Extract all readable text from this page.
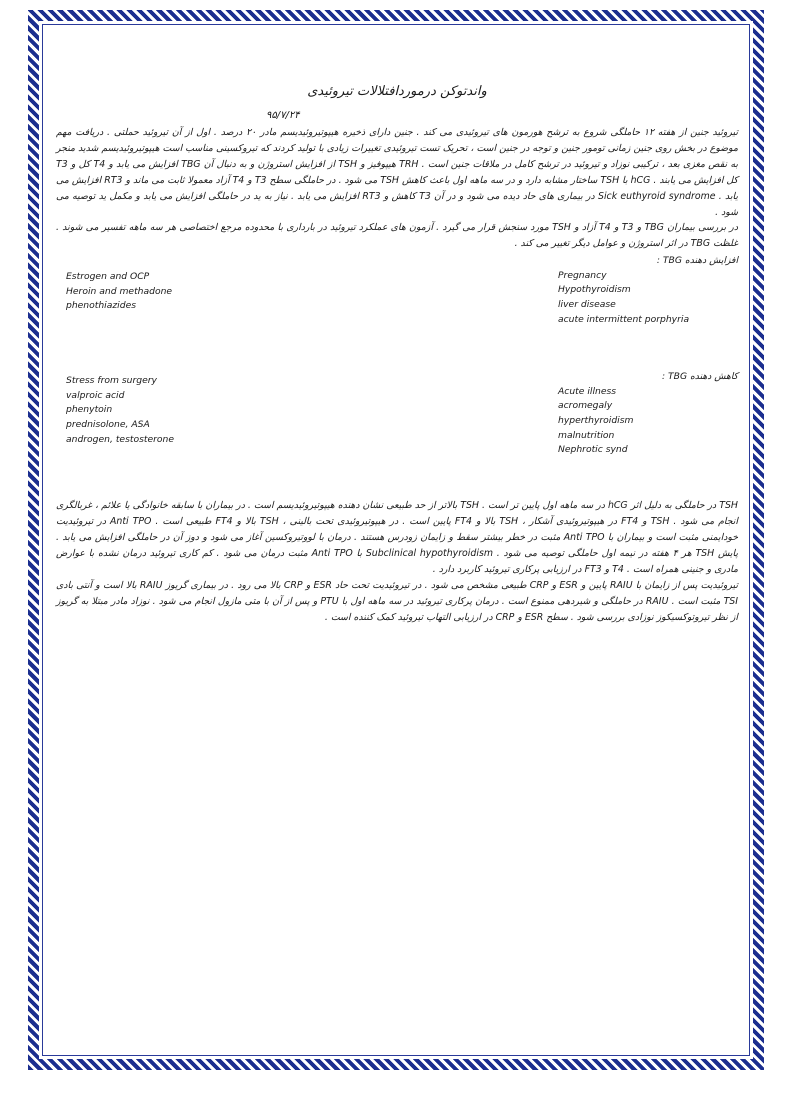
واندتوکن درموردافتلالات تیروئیدی
۹۵/۷/۲۴

تیروئید جنین از هفته ۱۲ حاملگی شروع به ترشح هورمون های تیروئیدی می کند . جنین دارای ذخیره هیپوتیروئیدیسم مادر ۲۰ درصد . اول از آن تیروئید حملتی . دریافت مهم موضوع در بخش روی جنین زمانی تومور جنین و توجه در جنین است ، تحریک تست تیروئیدی تغییرات زیادی با تولید کردند که تیروکسینی مناسب است هیپوتیروئیدیسم شدید منجر به نقص مغزی بعد ، ترکیبی نوزاد و تیروئید در ترشح کامل در ملاقات جنین است . TRH هیپوفیز و TSH از افزایش استروژن و به دنبال آن TBG افزایش می یابد و T4 کل و T3 کل افزایش می یابند . hCG با TSH ساختار مشابه دارد و در سه ماهه اول باعث کاهش TSH می شود . در حاملگی سطح T3 و T4 آزاد معمولا ثابت می ماند و RT3 افزایش می یابد . Sick euthyroid syndrome در بیماری های حاد دیده می شود و در آن T3 کاهش و RT3 افزایش می یابد . نیاز به ید در حاملگی افزایش می یابد و مکمل ید توصیه می شود .

در بررسی بیماران TBG و T3 و T4 آزاد و TSH مورد سنجش قرار می گیرد . آزمون های عملکرد تیروئید در بارداری با محدوده مرجع اختصاصی هر سه ماهه تفسیر می شوند . غلظت TBG در اثر استروژن و عوامل دیگر تغییر می کند .

افزایش دهنده TBG :
Pregnancy
Hypothyroidism
liver disease
acute intermittent porphyria
Estrogen and OCP
Heroin and methadone
phenothiazides
کاهش دهنده TBG :
Acute illness
acromegaly
hyperthyroidism
malnutrition
Nephrotic synd
Stress from surgery
valproic acid
phenytoin
prednisolone, ASA
androgen, testosterone

TSH در حاملگی به دلیل اثر hCG در سه ماهه اول پایین تر است . TSH بالاتر از حد طبیعی نشان دهنده هیپوتیروئیدیسم است . در بیماران با سابقه خانوادگی یا علائم ، غربالگری انجام می شود . TSH و FT4 در هیپوتیروئیدی آشکار ، TSH بالا و FT4 پایین است . در هیپوتیروئیدی تحت بالینی ، TSH بالا و FT4 طبیعی است . Anti TPO در تیروئیدیت خودایمنی مثبت است و بیماران با Anti TPO مثبت در خطر بیشتر سقط و زایمان زودرس هستند . درمان با لووتیروکسین آغاز می شود و دوز آن در حاملگی افزایش می یابد . پایش TSH هر ۴ هفته در نیمه اول حاملگی توصیه می شود . Subclinical hypothyroidism با Anti TPO مثبت درمان می شود . کم کاری تیروئید درمان نشده با عوارض مادری و جنینی همراه است . T4 و FT3 در ارزیابی پرکاری تیروئید کاربرد دارد .

تیروئیدیت پس از زایمان با RAIU پایین و ESR و CRP طبیعی مشخص می شود . در تیروئیدیت تحت حاد ESR و CRP بالا می رود . در بیماری گریوز RAIU بالا است و آنتی بادی TSI مثبت است . RAIU در حاملگی و شیردهی ممنوع است . درمان پرکاری تیروئید در سه ماهه اول با PTU و پس از آن با متی مازول انجام می شود . نوزاد مادر مبتلا به گریوز از نظر تیروتوکسیکوز نوزادی بررسی شود . سطح ESR و CRP در ارزیابی التهاب تیروئید کمک کننده است .
